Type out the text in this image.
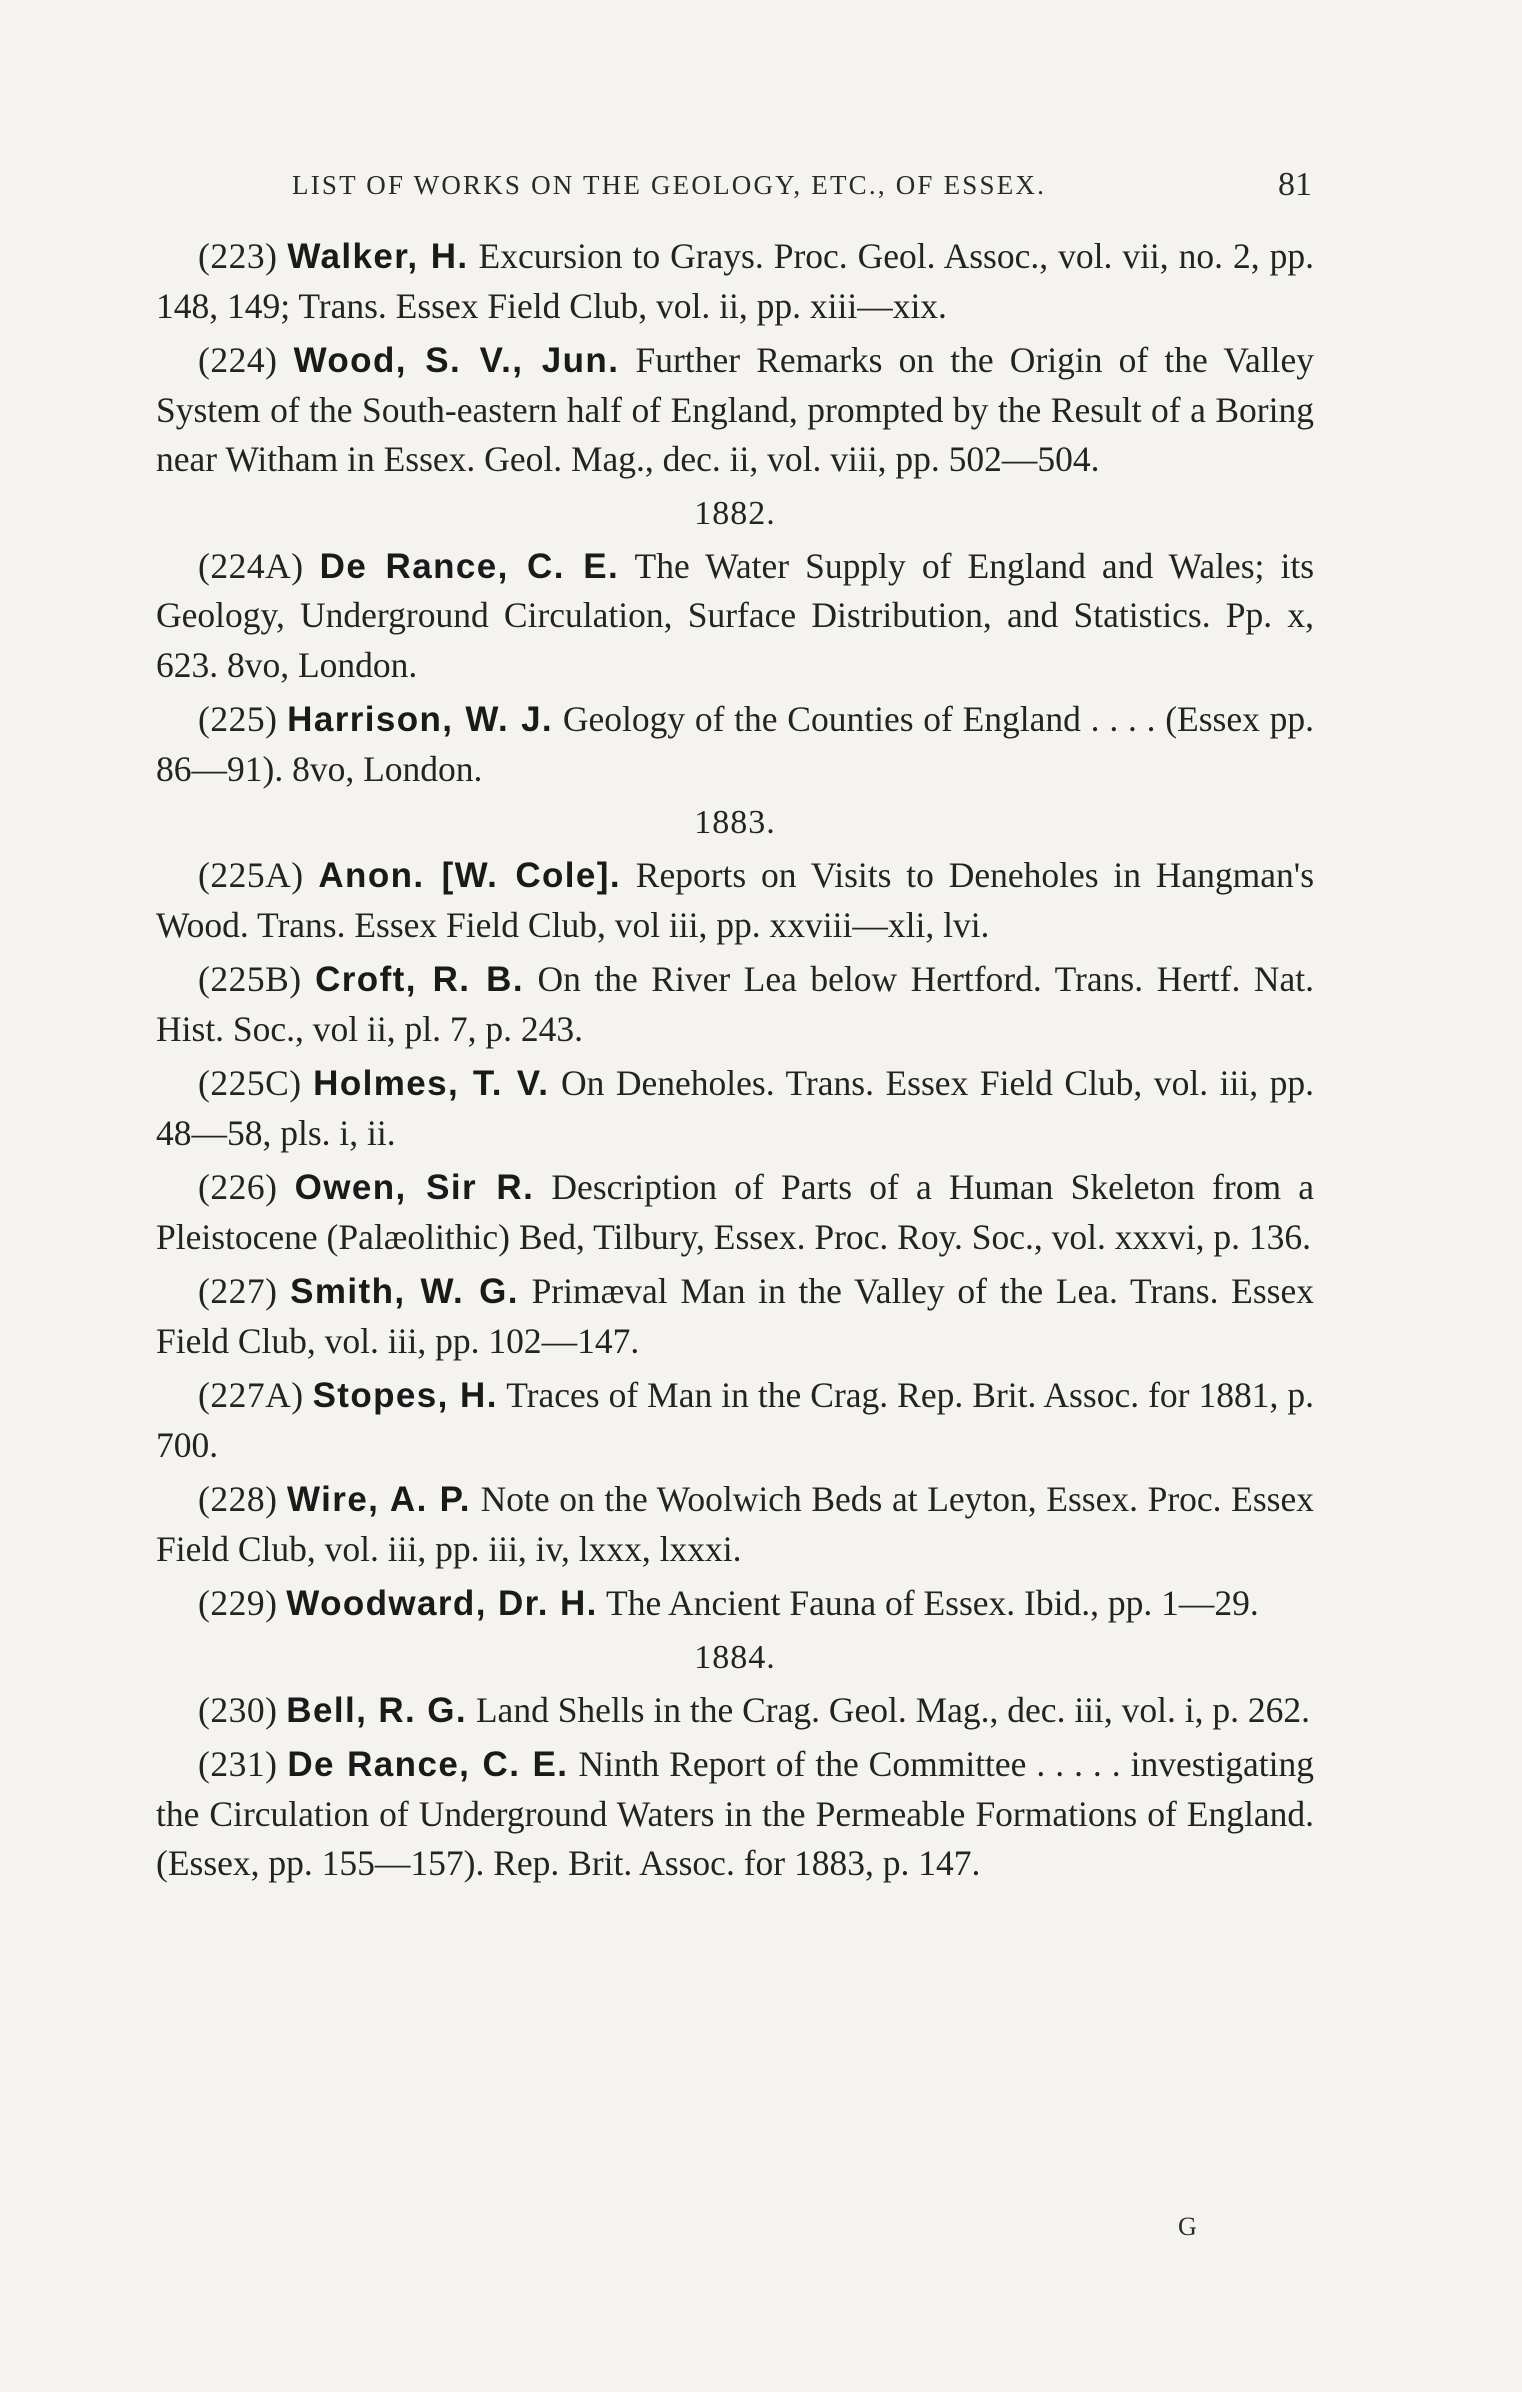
LIST OF WORKS ON THE GEOLOGY, ETC., OF ESSEX.	81

(223) Walker, H. Excursion to Grays. Proc. Geol. Assoc., vol. vii, no. 2, pp. 148, 149; Trans. Essex Field Club, vol. ii, pp. xiii—xix.

(224) Wood, S. V., Jun. Further Remarks on the Origin of the Valley System of the South-eastern half of England, prompted by the Result of a Boring near Witham in Essex. Geol. Mag., dec. ii, vol. viii, pp. 502—504.

1882.

(224A) De Rance, C. E. The Water Supply of England and Wales; its Geology, Underground Circulation, Surface Distribution, and Statistics. Pp. x, 623. 8vo, London.

(225) Harrison, W. J. Geology of the Counties of England . . . . (Essex pp. 86—91). 8vo, London.

1883.

(225A) Anon. [W. Cole]. Reports on Visits to Deneholes in Hangman's Wood. Trans. Essex Field Club, vol iii, pp. xxviii—xli, lvi.

(225B) Croft, R. B. On the River Lea below Hertford. Trans. Hertf. Nat. Hist. Soc., vol ii, pl. 7, p. 243.

(225C) Holmes, T. V. On Deneholes. Trans. Essex Field Club, vol. iii, pp. 48—58, pls. i, ii.

(226) Owen, Sir R. Description of Parts of a Human Skeleton from a Pleistocene (Palæolithic) Bed, Tilbury, Essex. Proc. Roy. Soc., vol. xxxvi, p. 136.

(227) Smith, W. G. Primæval Man in the Valley of the Lea. Trans. Essex Field Club, vol. iii, pp. 102—147.

(227A) Stopes, H. Traces of Man in the Crag. Rep. Brit. Assoc. for 1881, p. 700.

(228) Wire, A. P. Note on the Woolwich Beds at Leyton, Essex. Proc. Essex Field Club, vol. iii, pp. iii, iv, lxxx, lxxxi.

(229) Woodward, Dr. H. The Ancient Fauna of Essex. Ibid., pp. 1—29.

1884.

(230) Bell, R. G. Land Shells in the Crag. Geol. Mag., dec. iii, vol. i, p. 262.

(231) De Rance, C. E. Ninth Report of the Committee . . . . . investigating the Circulation of Underground Waters in the Permeable Formations of England. (Essex, pp. 155—157). Rep. Brit. Assoc. for 1883, p. 147.

G
